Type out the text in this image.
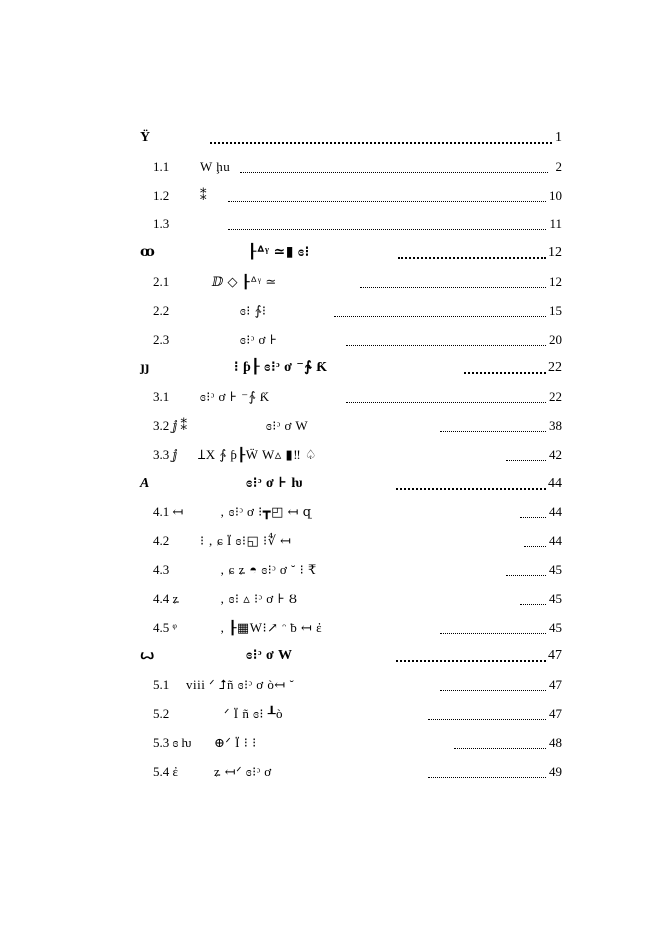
Ϋ	1
1.1 W ḩu	2
1.2 ⁑	10
1.3	11
ꝏ	┠ᐞᵞ ≃▮ ɞ⁝	12
2.1	ⅅ ◇ ┠ᐞᵞ ≃	12
2.2	ɞ⁝ ∱⁝	15
2.3	ɞ⁝ᵓ ơ ⊦	20
ȷȷ	⁝ ƥ┠ ɞ⁝ᵓ ơ ⁻∱ Ƙ	22
3.1 ɞ⁝ᵓ ơ ⊦ ⁻∱ Ƙ	22
3.2 ⅉ ⁑	ɞ⁝ᵓ ơ W	38
3.3 ⅉ ꞱX ∱ ƥ┠Ẅ W▵ ▮‼ ♤	42
A	ɞ⁝ᵓ ơ ⊦ ƕ	44
4.1 ↤	‚ ɞ⁝ᵓ ơ ⁝┳◰ ↤ զ	44
4.2 ⁝ ‚ ɕ Ϊ ɞ⁝◱ ⁝∜ ↤	44
4.3	‚ ɕ ʑ ◓ ɞ⁝ᵓ ơ ˘ ⁝ ₹	45
4.4 ʑ	‚ ɞ⁝ ▵ ⁝ᵓ ơ ⊦ Ȣ	45
4.5 ᵠ	‚ ┠▦W⁝↗ ᵔ ƀ ↤ ἐ	45
ꙍ	ɞ⁝ᵓ ơ W	47
5.1 viii ᐟ ⮥ñ ɞ⁝ᵓ ơ ò↤ ˘	47
5.2	ᐟ Ϊ ñ ɞ⁝ ┸ò	47
5.3 ɞ ƕ ⊕ᐟ Ϊ ⁝ ⁝	48
5.4 ἐ	ʑ ↤ᐟ ɞ⁝ᵓ ơ	49
